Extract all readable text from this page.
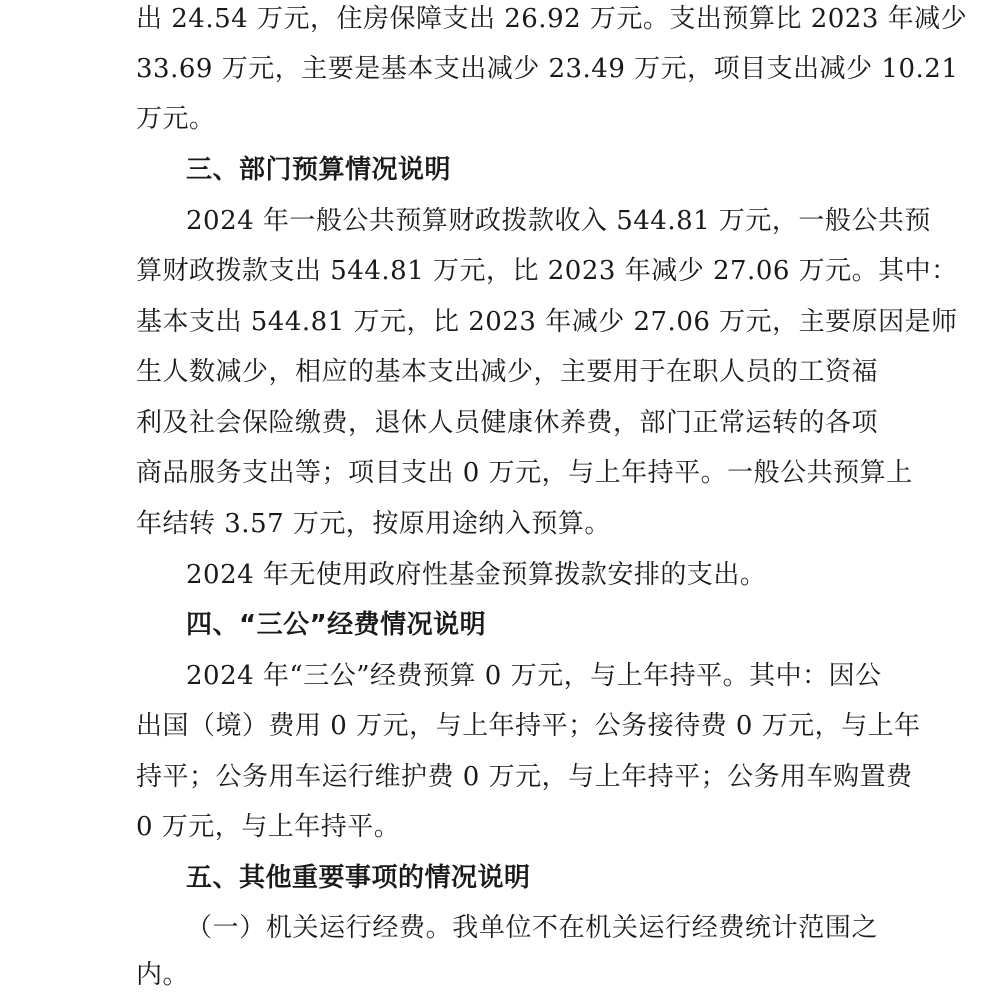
出 24.54 万元，住房保障支出 26.92 万元。支出预算比 2023 年减少
33.69 万元，主要是基本支出减少 23.49 万元，项目支出减少 10.21
万元。
三、部门预算情况说明
2024 年一般公共预算财政拨款收入 544.81 万元，一般公共预
算财政拨款支出 544.81 万元，比 2023 年减少 27.06 万元。其中：
基本支出 544.81 万元，比 2023 年减少 27.06 万元，主要原因是师
生人数减少，相应的基本支出减少，主要用于在职人员的工资福
利及社会保险缴费，退休人员健康休养费，部门正常运转的各项
商品服务支出等；项目支出 0 万元，与上年持平。一般公共预算上
年结转 3.57 万元，按原用途纳入预算。
2024 年无使用政府性基金预算拨款安排的支出。
四、“三公”经费情况说明
2024 年“三公”经费预算 0 万元，与上年持平。其中：因公
出国（境）费用 0 万元，与上年持平；公务接待费 0 万元，与上年
持平；公务用车运行维护费 0 万元，与上年持平；公务用车购置费
0 万元，与上年持平。
五、其他重要事项的情况说明
（一）机关运行经费。我单位不在机关运行经费统计范围之
内。
